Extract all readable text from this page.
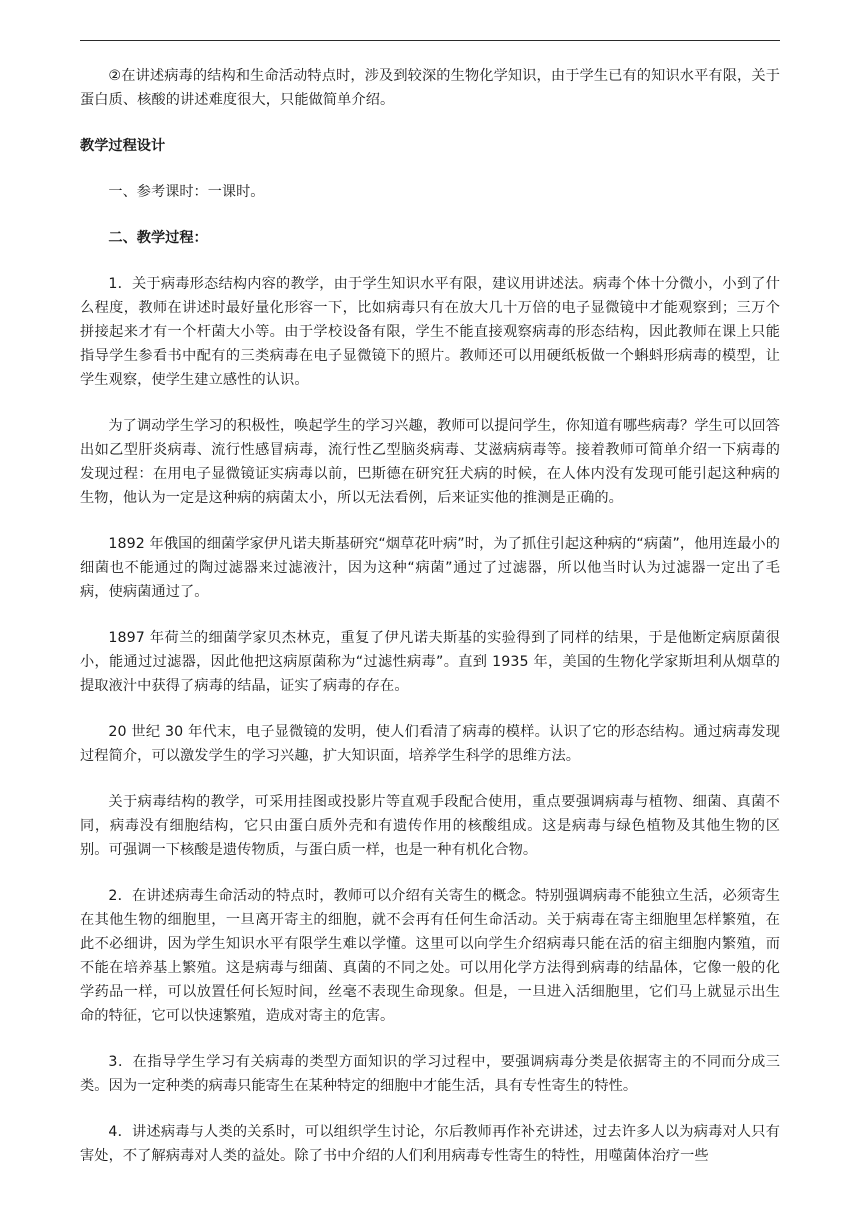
②在讲述病毒的结构和生命活动特点时，涉及到较深的生物化学知识，由于学生已有的知识水平有限，关于蛋白质、核酸的讲述难度很大，只能做简单介绍。

教学过程设计

一、参考课时：一课时。

二、教学过程：

1．关于病毒形态结构内容的教学，由于学生知识水平有限，建议用讲述法。病毒个体十分微小，小到了什么程度，教师在讲述时最好量化形容一下，比如病毒只有在放大几十万倍的电子显微镜中才能观察到；三万个拼接起来才有一个杆菌大小等。由于学校设备有限，学生不能直接观察病毒的形态结构，因此教师在课上只能指导学生参看书中配有的三类病毒在电子显微镜下的照片。教师还可以用硬纸板做一个蝌蚪形病毒的模型，让学生观察，使学生建立感性的认识。

为了调动学生学习的积极性，唤起学生的学习兴趣，教师可以提问学生，你知道有哪些病毒？学生可以回答出如乙型肝炎病毒、流行性感冒病毒，流行性乙型脑炎病毒、艾滋病病毒等。接着教师可简单介绍一下病毒的发现过程：在用电子显微镜证实病毒以前，巴斯德在研究狂犬病的时候，在人体内没有发现可能引起这种病的生物，他认为一定是这种病的病菌太小，所以无法看例，后来证实他的推测是正确的。

1892 年俄国的细菌学家伊凡诺夫斯基研究“烟草花叶病”时，为了抓住引起这种病的“病菌”，他用连最小的细菌也不能通过的陶过滤器来过滤液汁，因为这种“病菌”通过了过滤器，所以他当时认为过滤器一定出了毛病，使病菌通过了。

1897 年荷兰的细菌学家贝杰林克，重复了伊凡诺夫斯基的实验得到了同样的结果，于是他断定病原菌很小，能通过过滤器，因此他把这病原菌称为“过滤性病毒”。直到 1935 年，美国的生物化学家斯坦利从烟草的提取液汁中获得了病毒的结晶，证实了病毒的存在。

20 世纪 30 年代末，电子显微镜的发明，使人们看清了病毒的模样。认识了它的形态结构。通过病毒发现过程简介，可以激发学生的学习兴趣，扩大知识面，培养学生科学的思维方法。

关于病毒结构的教学，可采用挂图或投影片等直观手段配合使用，重点要强调病毒与植物、细菌、真菌不同，病毒没有细胞结构，它只由蛋白质外壳和有遗传作用的核酸组成。这是病毒与绿色植物及其他生物的区别。可强调一下核酸是遗传物质，与蛋白质一样，也是一种有机化合物。

2．在讲述病毒生命活动的特点时，教师可以介绍有关寄生的概念。特别强调病毒不能独立生活，必须寄生在其他生物的细胞里，一旦离开寄主的细胞，就不会再有任何生命活动。关于病毒在寄主细胞里怎样繁殖，在此不必细讲，因为学生知识水平有限学生难以学懂。这里可以向学生介绍病毒只能在活的宿主细胞内繁殖，而不能在培养基上繁殖。这是病毒与细菌、真菌的不同之处。可以用化学方法得到病毒的结晶体，它像一般的化学药品一样，可以放置任何长短时间，丝毫不表现生命现象。但是，一旦进入活细胞里，它们马上就显示出生命的特征，它可以快速繁殖，造成对寄主的危害。

3．在指导学生学习有关病毒的类型方面知识的学习过程中，要强调病毒分类是依据寄主的不同而分成三类。因为一定种类的病毒只能寄生在某种特定的细胞中才能生活，具有专性寄生的特性。

4．讲述病毒与人类的关系时，可以组织学生讨论，尔后教师再作补充讲述，过去许多人以为病毒对人只有害处，不了解病毒对人类的益处。除了书中介绍的人们利用病毒专性寄生的特性，用噬菌体治疗一些
